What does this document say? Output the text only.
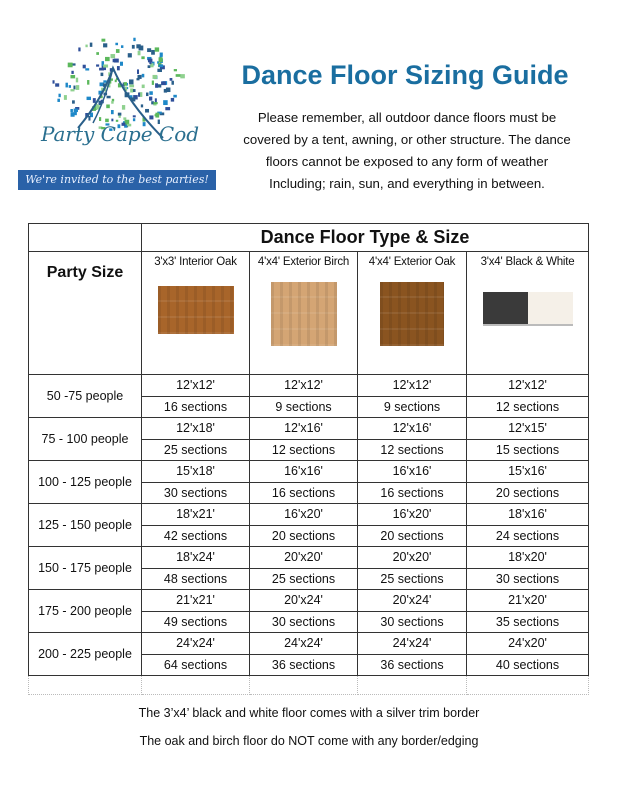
Party Cape Cod
We're invited to the best parties!
Dance Floor Sizing Guide
Please remember, all outdoor dance floors must be
covered by a tent, awning, or other structure. The dance
floors cannot be exposed to any form of weather
Including; rain, sun, and everything in between.
	Dance Floor Type & Size			
Party Size	3'x3' Interior Oak	4'x4' Exterior Birch	4'x4' Exterior Oak	3'x4' Black & White

50 -75 people	12'x12'	12'x12'	12'x12'	12'x12'
	16 sections	9 sections	9 sections	12 sections
75 - 100 people	12'x18'	12'x16'	12'x16'	12'x15'
	25 sections	12 sections	12 sections	15 sections
100 - 125 people	15'x18'	16'x16'	16'x16'	15'x16'
	30 sections	16 sections	16 sections	20 sections
125 - 150 people	18'x21'	16'x20'	16'x20'	18'x16'
	42 sections	20 sections	20 sections	24 sections
150 - 175 people	18'x24'	20'x20'	20'x20'	18'x20'
	48 sections	25 sections	25 sections	30 sections
175 - 200 people	21'x21'	20'x24'	20'x24'	21'x20'
	49 sections	30 sections	30 sections	35 sections
200 - 225 people	24'x24'	24'x24'	24'x24'	24'x20'
	64 sections	36 sections	36 sections	40 sections

The 3’x4’ black and white floor comes with a silver trim border
The oak and birch floor do NOT come with any border/edging
